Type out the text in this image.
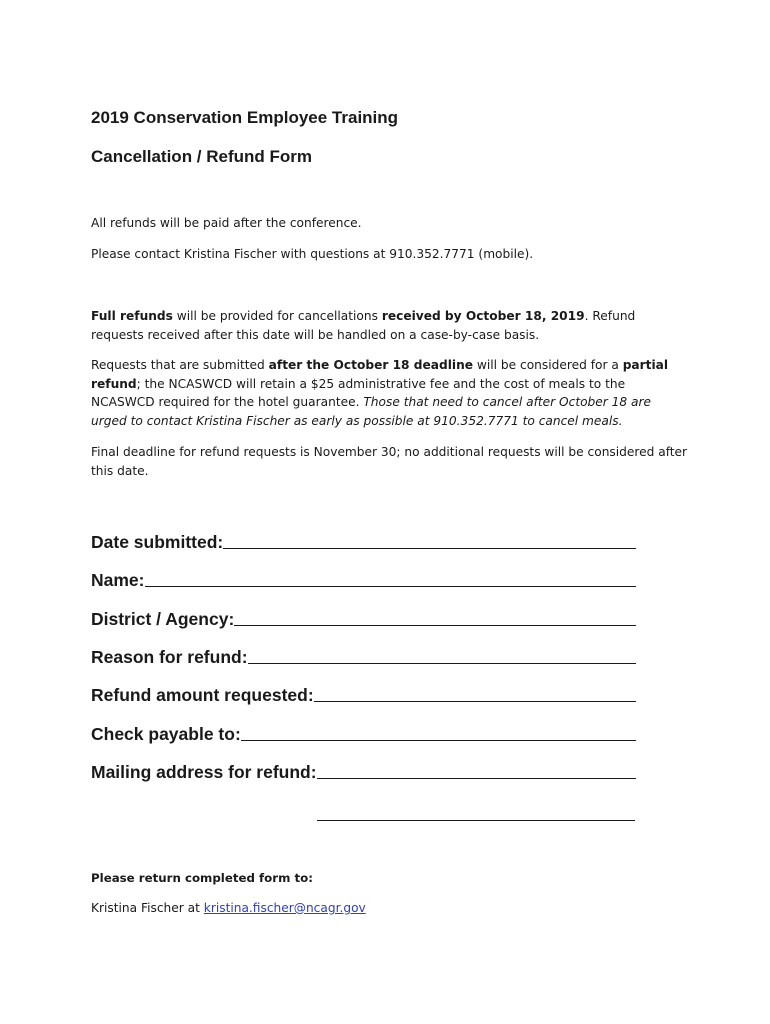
2019 Conservation Employee Training
Cancellation / Refund Form
All refunds will be paid after the conference.
Please contact Kristina Fischer with questions at 910.352.7771 (mobile).
Full refunds will be provided for cancellations received by October 18, 2019. Refund requests received after this date will be handled on a case-by-case basis.
Requests that are submitted after the October 18 deadline will be considered for a partial refund; the NCASWCD will retain a $25 administrative fee and the cost of meals to the NCASWCD required for the hotel guarantee. Those that need to cancel after October 18 are urged to contact Kristina Fischer as early as possible at 910.352.7771 to cancel meals.
Final deadline for refund requests is November 30; no additional requests will be considered after this date.
Date submitted:
Name:
District / Agency:
Reason for refund:
Refund amount requested:
Check payable to:
Mailing address for refund:
Please return completed form to:
Kristina Fischer at kristina.fischer@ncagr.gov
